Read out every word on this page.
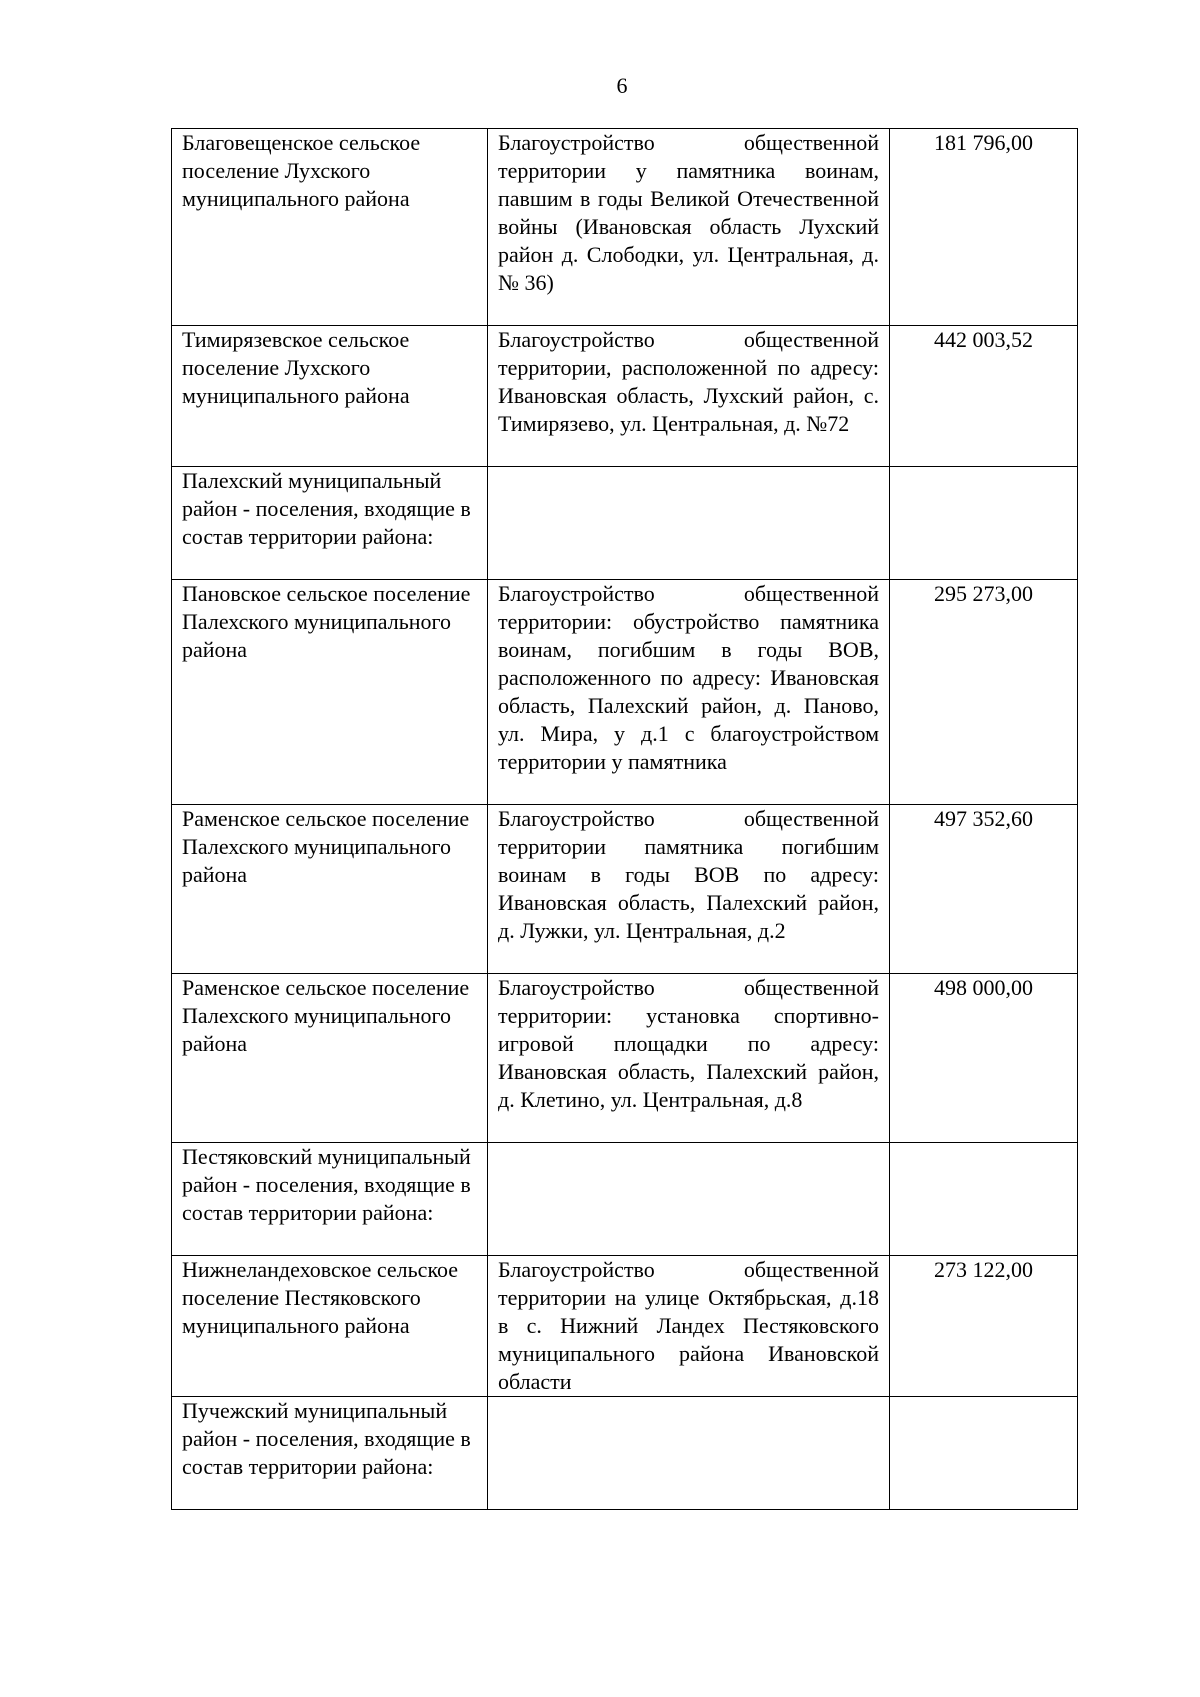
6
Благовещенское сельское поселение Лухского муниципального района	Благоустройство общественной территории у памятника воинам, павшим в годы Великой Отечественной войны (Ивановская область Лухский район д. Слободки, ул. Центральная, д.№ 36)	181 796,00
Тимирязевское сельское поселение Лухского муниципального района	Благоустройство общественной территории, расположенной по адресу: Ивановская область, Лухский район, с. Тимирязево, ул. Центральная, д. №72	442 003,52
Палехский муниципальный район - поселения, входящие в состав территории района:		
Пановское сельское поселение Палехского муниципального района	Благоустройство общественной территории: обустройство памятника воинам, погибшим в годы ВОВ, расположенного по адресу: Ивановская область, Палехский район, д. Паново, ул. Мира, у д.1 с благоустройством территории у памятника	295 273,00
Раменское сельское поселение Палехского муниципального района	Благоустройство общественной территории памятника погибшим воинам в годы ВОВ по адресу: Ивановская область, Палехский район, д. Лужки, ул. Центральная, д.2	497 352,60
Раменское сельское поселение Палехского муниципального района	Благоустройство общественной территории: установка спортивно-игровой площадки по адресу: Ивановская область, Палехский район, д. Клетино, ул. Центральная, д.8	498 000,00
Пестяковский муниципальный район - поселения, входящие в состав территории района:		
Нижнеландеховское сельское поселение Пестяковского муниципального района	Благоустройство общественной территории на улице Октябрьская, д.18 в с. Нижний Ландех Пестяковского муниципального района Ивановской области	273 122,00
Пучежский муниципальный район - поселения, входящие в состав территории района:		
